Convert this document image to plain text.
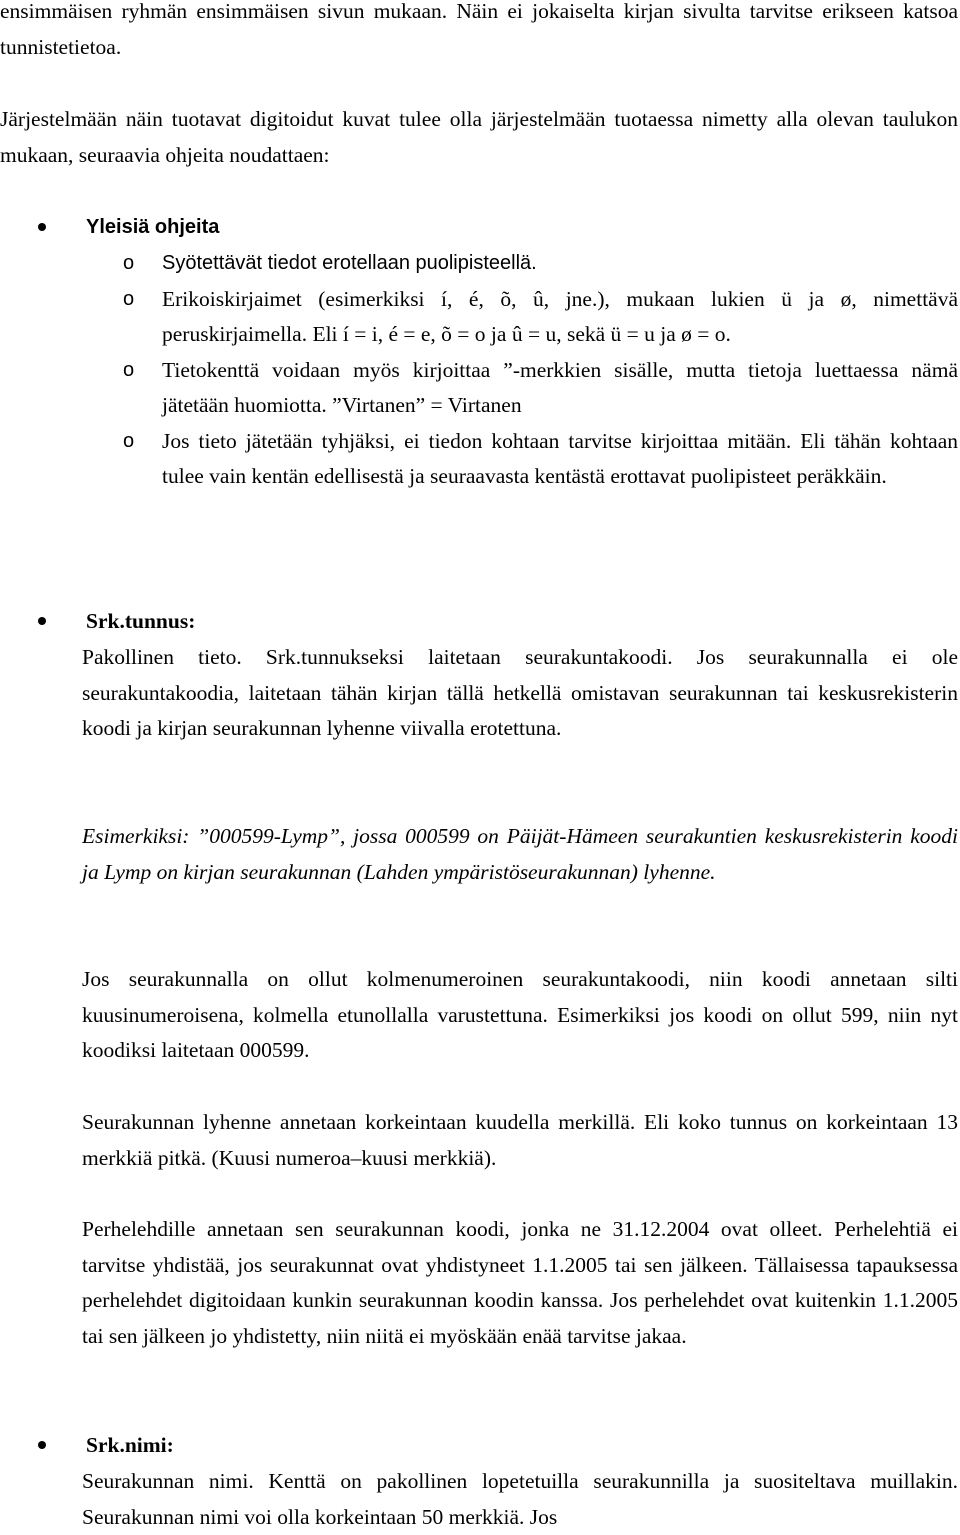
ensimmäisen ryhmän ensimmäisen sivun mukaan. Näin ei jokaiselta kirjan sivulta tarvitse erikseen katsoa tunnistetietoa.

Järjestelmään näin tuotavat digitoidut kuvat tulee olla järjestelmään tuotaessa nimetty alla olevan taulukon mukaan, seuraavia ohjeita noudattaen:

Yleisiä ohjeita
o Syötettävät tiedot erotellaan puolipisteellä.

o Erikoiskirjaimet (esimerkiksi í, é, õ, û, jne.), mukaan lukien ü ja ø, nimettävä peruskirjaimella. Eli í = i, é = e, õ = o ja û = u, sekä ü = u ja ø = o.

o Tietokenttä voidaan myös kirjoittaa ”-merkkien sisälle, mutta tietoja luettaessa nämä jätetään huomiotta. ”Virtanen” = Virtanen

o Jos tieto jätetään tyhjäksi, ei tiedon kohtaan tarvitse kirjoittaa mitään. Eli tähän kohtaan tulee vain kentän edellisestä ja seuraavasta kentästä erottavat puolipisteet peräkkäin.

Srk.tunnus:

Pakollinen tieto. Srk.tunnukseksi laitetaan seurakuntakoodi. Jos seurakunnalla ei ole seurakuntakoodia, laitetaan tähän kirjan tällä hetkellä omistavan seurakunnan tai keskusrekisterin koodi ja kirjan seurakunnan lyhenne viivalla erotettuna.

Esimerkiksi: ”000599-Lymp”, jossa 000599 on Päijät-Hämeen seurakuntien keskusrekisterin koodi ja Lymp on kirjan seurakunnan (Lahden ympäristöseurakunnan) lyhenne.

Jos seurakunnalla on ollut kolmenumeroinen seurakuntakoodi, niin koodi annetaan silti kuusinumeroisena, kolmella etunollalla varustettuna. Esimerkiksi jos koodi on ollut 599, niin nyt koodiksi laitetaan 000599.

Seurakunnan lyhenne annetaan korkeintaan kuudella merkillä. Eli koko tunnus on korkeintaan 13 merkkiä pitkä. (Kuusi numeroa–kuusi merkkiä).

Perhelehdille annetaan sen seurakunnan koodi, jonka ne 31.12.2004 ovat olleet. Perhelehtiä ei tarvitse yhdistää, jos seurakunnat ovat yhdistyneet 1.1.2005 tai sen jälkeen. Tällaisessa tapauksessa perhelehdet digitoidaan kunkin seurakunnan koodin kanssa. Jos perhelehdet ovat kuitenkin 1.1.2005 tai sen jälkeen jo yhdistetty, niin niitä ei myöskään enää tarvitse jakaa.

Srk.nimi:

Seurakunnan nimi. Kenttä on pakollinen lopetetuilla seurakunnilla ja suositeltava muillakin. Seurakunnan nimi voi olla korkeintaan 50 merkkiä. Jos
